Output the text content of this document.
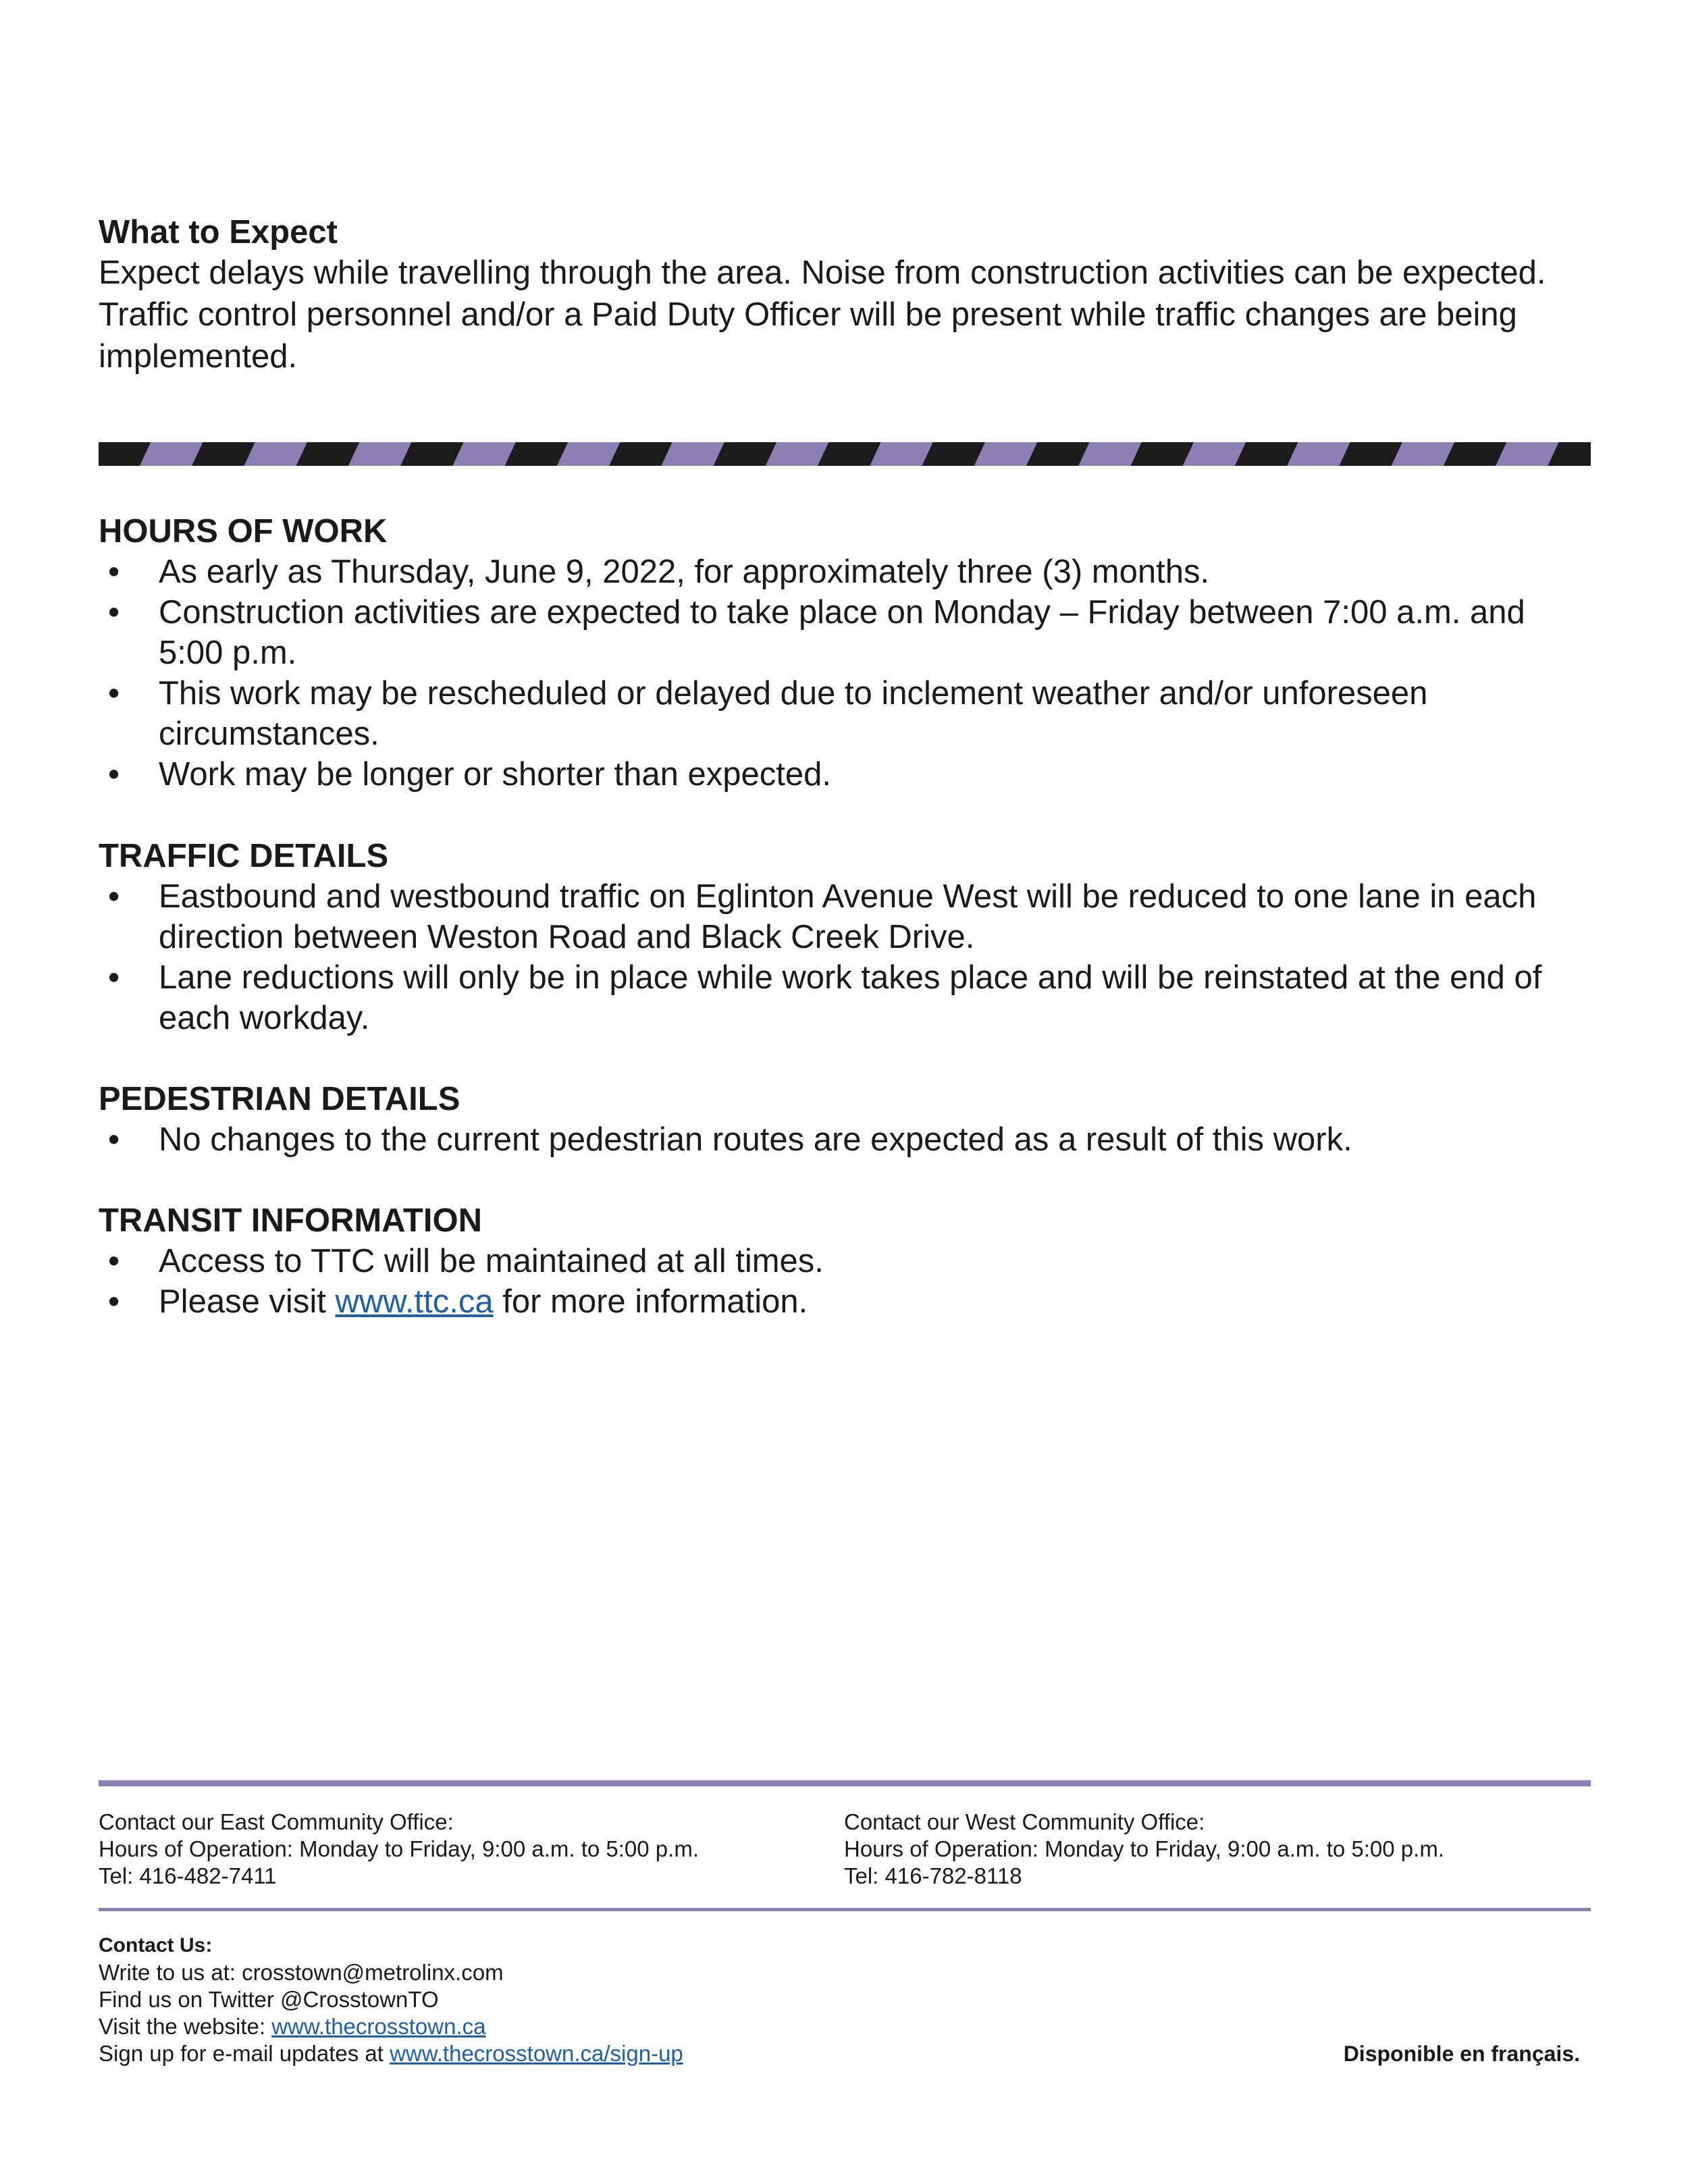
What to Expect

Expect delays while travelling through the area. Noise from construction activities can be expected. Traffic control personnel and/or a Paid Duty Officer will be present while traffic changes are being implemented.

HOURS OF WORK
• As early as Thursday, June 9, 2022, for approximately three (3) months.
• Construction activities are expected to take place on Monday – Friday between 7:00 a.m. and 5:00 p.m.
• This work may be rescheduled or delayed due to inclement weather and/or unforeseen circumstances.
• Work may be longer or shorter than expected.
TRAFFIC DETAILS
• Eastbound and westbound traffic on Eglinton Avenue West will be reduced to one lane in each direction between Weston Road and Black Creek Drive.
• Lane reductions will only be in place while work takes place and will be reinstated at the end of each workday.
PEDESTRIAN DETAILS
• No changes to the current pedestrian routes are expected as a result of this work.
TRANSIT INFORMATION
• Access to TTC will be maintained at all times.
• Please visit www.ttc.ca for more information.

Contact our East Community Office:

Hours of Operation: Monday to Friday, 9:00 a.m. to 5:00 p.m.

Tel: 416-482-7411

Contact our West Community Office:

Hours of Operation: Monday to Friday, 9:00 a.m. to 5:00 p.m.

Tel: 416-782-8118

Contact Us:

Write to us at: crosstown@metrolinx.com

Find us on Twitter @CrosstownTO

Visit the website: www.thecrosstown.ca

Sign up for e-mail updates at www.thecrosstown.ca/sign-up	Disponible en français.
